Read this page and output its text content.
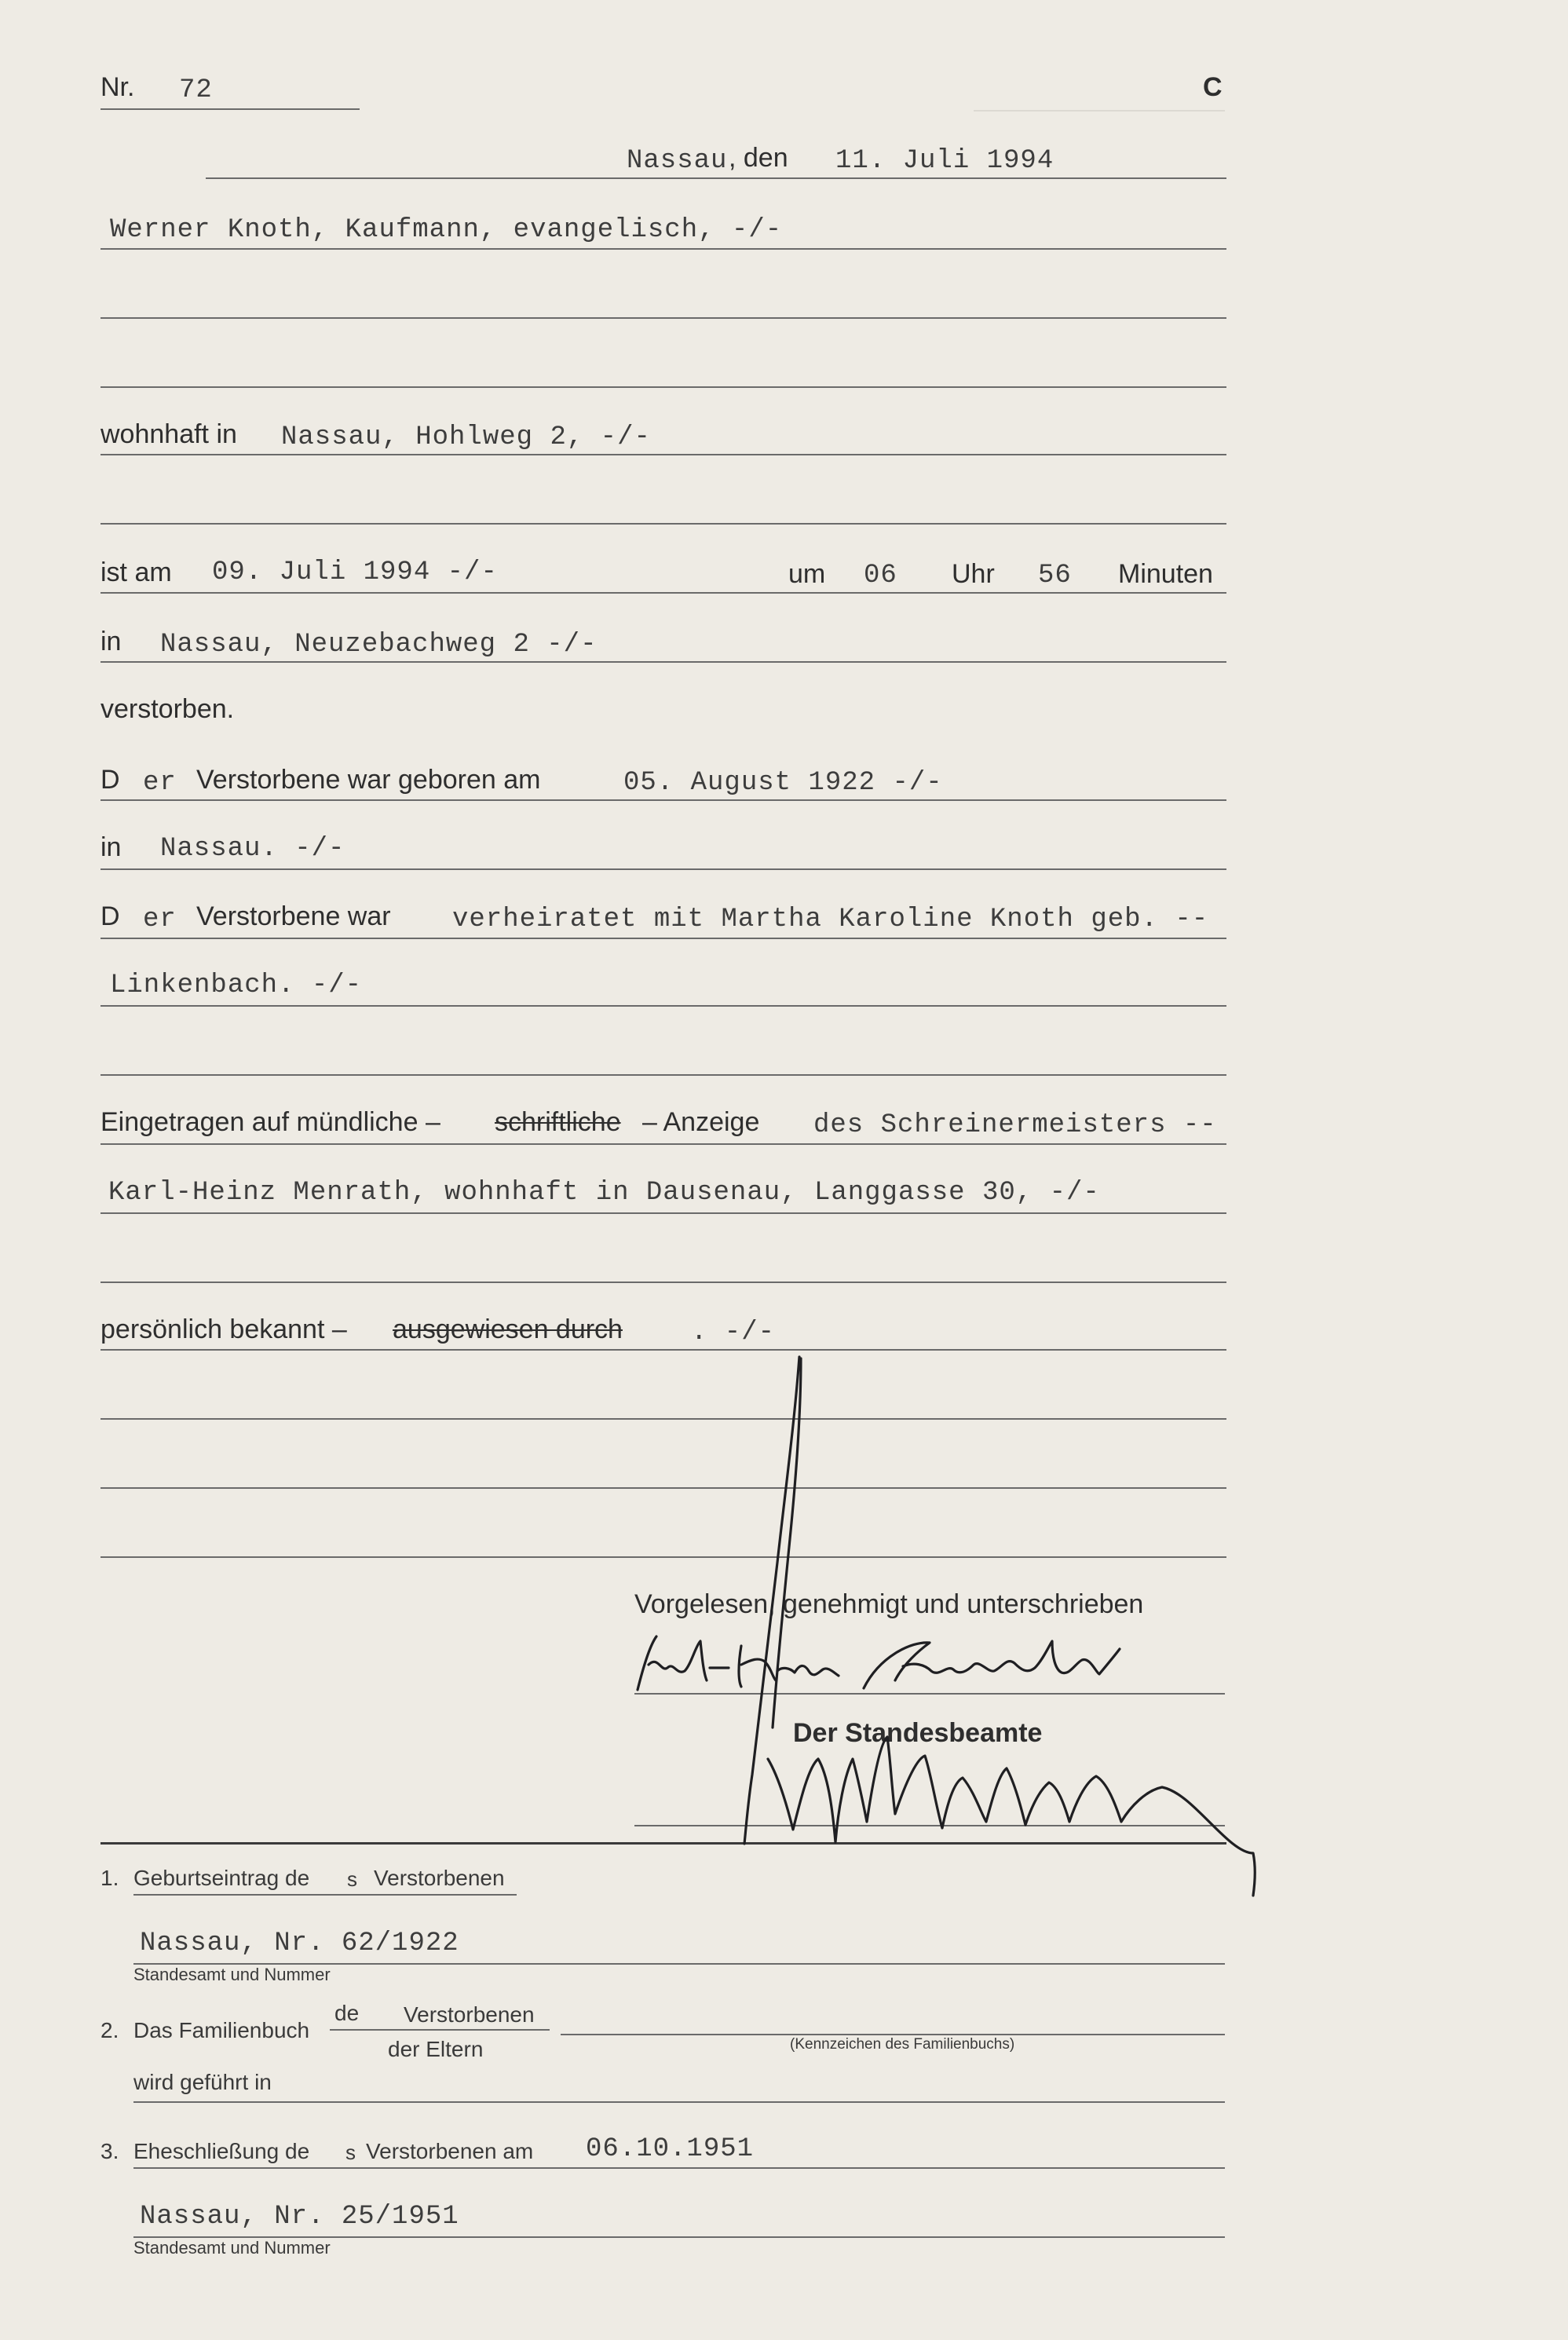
Nr. 72	C
Nassau , den 11. Juli 1994
Werner Knoth, Kaufmann, evangelisch, -/-
wohnhaft in Nassau, Hohlweg 2, -/-
ist am 09. Juli 1994 -/-	um 06 Uhr 56 Minuten
in Nassau, Neuzebachweg 2 -/-
verstorben.
D er Verstorbene war geboren am	05. August 1922 -/-
in Nassau. -/-
D er Verstorbene war verheiratet mit Martha Karoline Knoth geb. --
Linkenbach. -/-
Eingetragen auf mündliche – schriftliche – Anzeige des Schreinermeisters --
Karl-Heinz Menrath, wohnhaft in Dausenau, Langgasse 30, -/-
persönlich bekannt – ausgewiesen durch	. -/-
Vorgelesen, genehmigt und unterschrieben
Der Standesbeamte
1. Geburtseintrag de s Verstorbenen
Nassau, Nr. 62/1922
Standesamt und Nummer
2. Das Familienbuch
de Verstorbenen
der Eltern	(Kennzeichen des Familienbuchs)
wird geführt in
3. Eheschließung de s Verstorbenen am 06.10.1951
Nassau, Nr. 25/1951
Standesamt und Nummer
